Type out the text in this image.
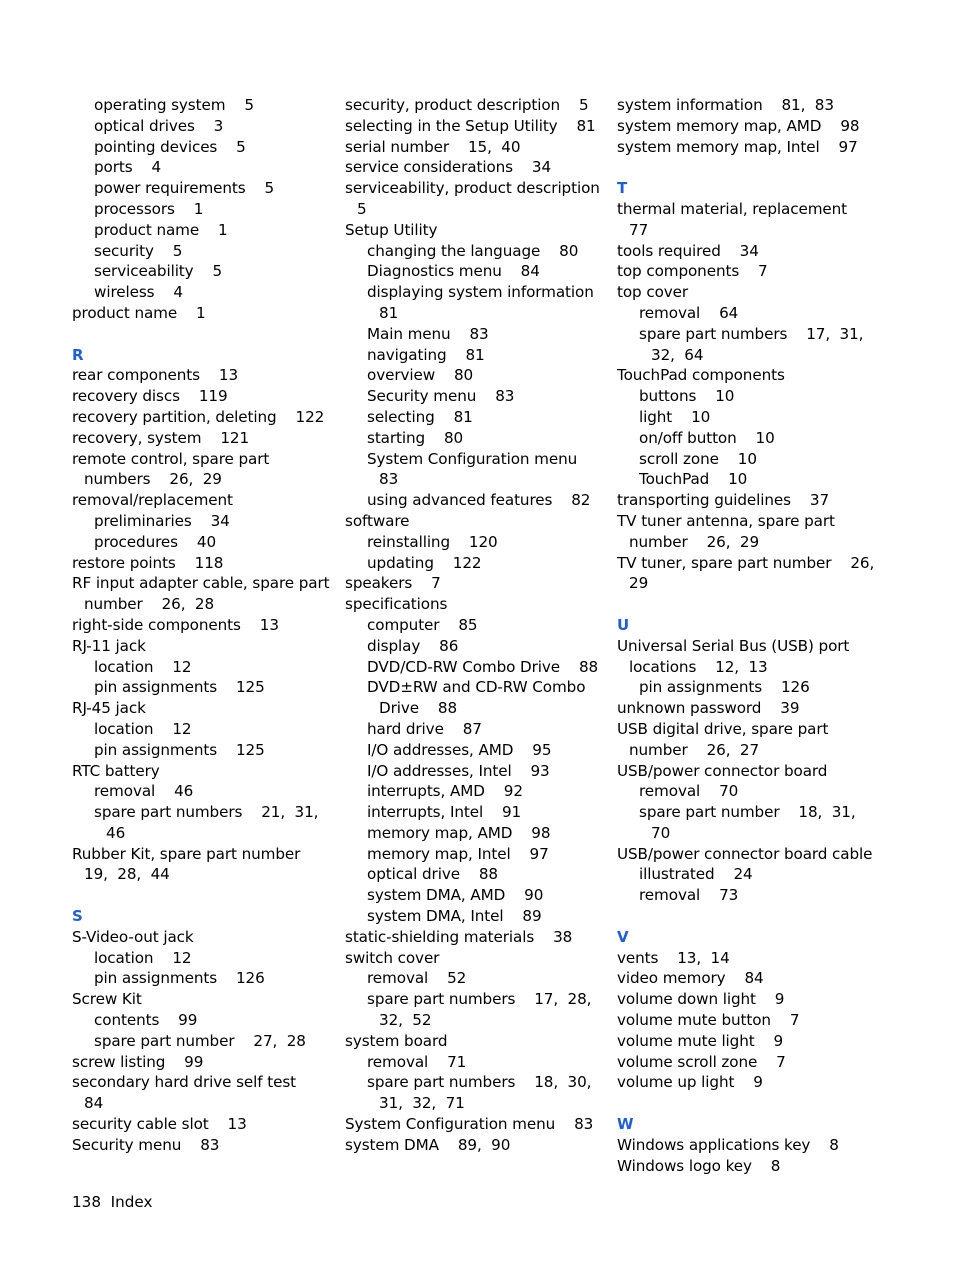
operating system    5
optical drives    3
pointing devices    5
ports    4
power requirements    5
processors    1
product name    1
security    5
serviceability    5
wireless    4
product name    1
R
rear components    13
recovery discs    119
recovery partition, deleting    122
recovery, system    121
remote control, spare part numbers    26,  29
removal/replacement
preliminaries    34
procedures    40
restore points    118
RF input adapter cable, spare part number    26,  28
right-side components    13
RJ-11 jack
location    12
pin assignments    125
RJ-45 jack
location    12
pin assignments    125
RTC battery
removal    46
spare part numbers    21,  31, 46
Rubber Kit, spare part number    19,  28,  44
S
S-Video-out jack
location    12
pin assignments    126
Screw Kit
contents    99
spare part number    27,  28
screw listing    99
secondary hard drive self test    84
security cable slot    13
Security menu    83
security, product description    5
selecting in the Setup Utility    81
serial number    15,  40
service considerations    34
serviceability, product description    5
Setup Utility
changing the language    80
Diagnostics menu    84
displaying system information    81
Main menu    83
navigating    81
overview    80
Security menu    83
selecting    81
starting    80
System Configuration menu    83
using advanced features    82
software
reinstalling    120
updating    122
speakers    7
specifications
computer    85
display    86
DVD/CD-RW Combo Drive    88
DVD±RW and CD-RW Combo Drive    88
hard drive    87
I/O addresses, AMD    95
I/O addresses, Intel    93
interrupts, AMD    92
interrupts, Intel    91
memory map, AMD    98
memory map, Intel    97
optical drive    88
system DMA, AMD    90
system DMA, Intel    89
static-shielding materials    38
switch cover
removal    52
spare part numbers    17,  28, 32,  52
system board
removal    71
spare part numbers    18,  30, 31,  32,  71
System Configuration menu    83
system DMA    89,  90
system information    81,  83
system memory map, AMD    98
system memory map, Intel    97
T
thermal material, replacement    77
tools required    34
top components    7
top cover
removal    64
spare part numbers    17,  31, 32,  64
TouchPad components
buttons    10
light    10
on/off button    10
scroll zone    10
TouchPad    10
transporting guidelines    37
TV tuner antenna, spare part number    26,  29
TV tuner, spare part number    26, 29
U
Universal Serial Bus (USB) port locations    12,  13
pin assignments    126
unknown password    39
USB digital drive, spare part number    26,  27
USB/power connector board
removal    70
spare part number    18,  31, 70
USB/power connector board cable
illustrated    24
removal    73
V
vents    13,  14
video memory    84
volume down light    9
volume mute button    7
volume mute light    9
volume scroll zone    7
volume up light    9
W
Windows applications key    8
Windows logo key    8
138 Index
